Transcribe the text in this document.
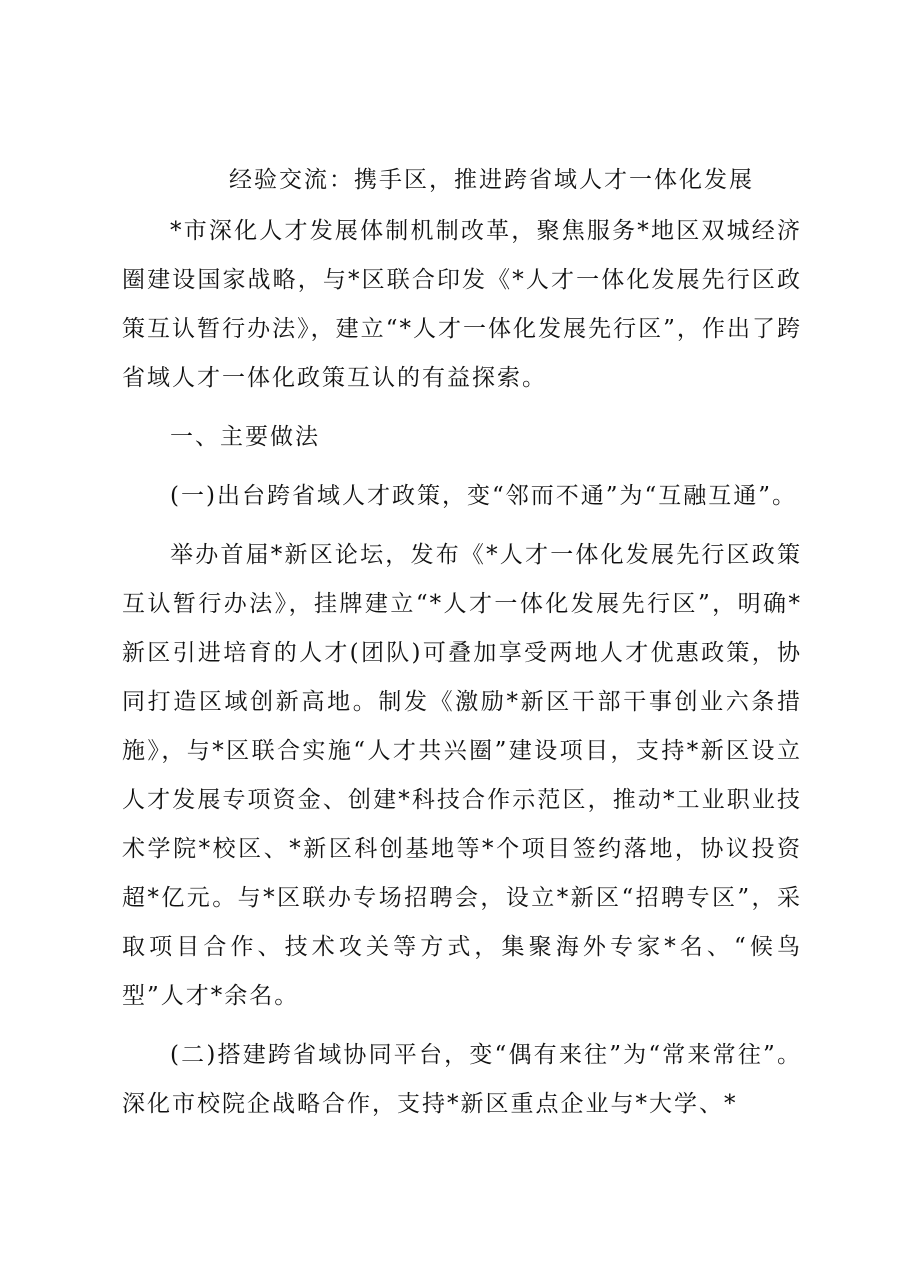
经验交流：携手区，推进跨省域人才一体化发展

*市深化人才发展体制机制改革，聚焦服务*地区双城经济圈建设国家战略，与*区联合印发《*人才一体化发展先行区政策互认暂行办法》，建立“*人才一体化发展先行区”，作出了跨省域人才一体化政策互认的有益探索。

一、主要做法

(一)出台跨省域人才政策，变“邻而不通”为“互融互通”。

举办首届*新区论坛，发布《*人才一体化发展先行区政策互认暂行办法》，挂牌建立“*人才一体化发展先行区”，明确*新区引进培育的人才(团队)可叠加享受两地人才优惠政策，协同打造区域创新高地。制发《激励*新区干部干事创业六条措施》，与*区联合实施“人才共兴圈”建设项目，支持*新区设立人才发展专项资金、创建*科技合作示范区，推动*工业职业技术学院*校区、*新区科创基地等*个项目签约落地，协议投资超*亿元。与*区联办专场招聘会，设立*新区“招聘专区”，采取项目合作、技术攻关等方式，集聚海外专家*名、“候鸟型”人才*余名。

(二)搭建跨省域协同平台，变“偶有来往”为“常来常往”。深化市校院企战略合作，支持*新区重点企业与*大学、*
